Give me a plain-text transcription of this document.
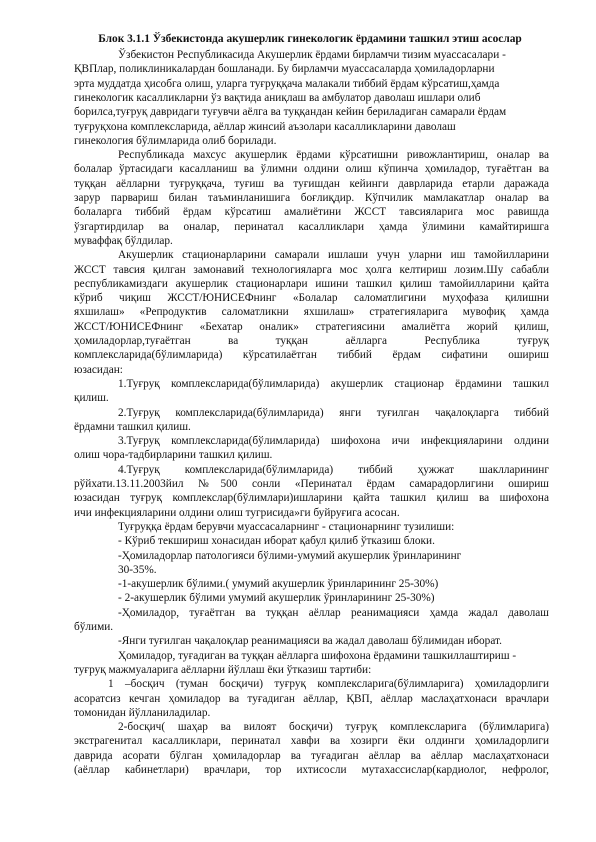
Блок 3.1.1 Ўзбекистонда акушерлик гинекологик ёрдамини ташкил этиш асослар
Ўзбекистон Республикасида Акушерлик ёрдами бирламчи тизим муассасалари -
ҚВПлар, поликлиникалардан бошланади. Бу бирламчи муассасаларда ҳомиладорларни
эрта муддатда ҳисобга олиш, уларга туғруққача малакали тиббий ёрдам кўрсатиш,ҳамда
гинекологик касалликларни ўз вақтида аниқлаш ва амбулатор даволаш ишлари олиб
борилса,туғруқ давридаги туғувчи аёлга ва туққандан кейин бериладиган самарали ёрдам
туғруқхона комплексларида, аёллар жинсий аъзолари касалликларини даволаш
гинекология бўлимларида олиб борилади.
Республикада махсус акушерлик ёрдами кўрсатишни ривожлантириш, оналар ва
болалар ўртасидаги касалланиш ва ўлимни олдини олиш кўпинча ҳомиладор, туғаётган ва
туққан аёлларни туғруққача, туғиш ва туғишдан кейинги даврларида етарли даражада
зарур парвариш билан таъминланишига боғлиқдир. Кўпчилик мамлакатлар оналар ва
болаларга тиббий ёрдам кўрсатиш амалиётини ЖССТ тавсияларига мос равишда
ўзгартирдилар ва оналар, перинатал касалликлари ҳамда ўлимини камайтиришга
муваффақ бўлдилар.
Акушерлик стационарларини самарали ишлаши учун уларни иш тамойилларини
ЖССТ тавсия қилган замонавий технологияларга мос ҳолга келтириш лозим.Шу сабабли
республикамиздаги акушерлик стационарлари ишини ташкил қилиш тамойилларини қайта
кўриб чиқиш ЖССТ/ЮНИСЕФнинг «Болалар саломатлигини муҳофаза қилишни
яхшилаш» «Репродуктив саломатликни яхшилаш» стратегияларига мувофиқ ҳамда
ЖССТ/ЮНИСЕФнинг «Бехатар оналик» стратегиясини амалиётга жорий қилиш,
ҳомиладорлар,туғаётган ва туққан аёлларга Республика туғруқ
комплексларида(бўлимларида) кўрсатилаётган тиббий ёрдам сифатини ошириш
юзасидан:
1.Туғруқ комплексларида(бўлимларида) акушерлик стационар ёрдамини ташкил
қилиш.
2.Туғруқ комплексларида(бўлимларида) янги туғилган чақалоқларга тиббий
ёрдамни ташкил қилиш.
3.Туғруқ комплексларида(бўлимларида) шифохона ичи инфекцияларини олдини
олиш чора-тадбирларини ташкил қилиш.
4.Туғруқ комплексларида(бўлимларида) тиббий ҳужжат шаклларининг
рўйхати.13.11.2003йил №500 сонли «Перинатал ёрдам самарадорлигини ошириш
юзасидан туғруқ комплекслар(бўлимлари)ишларини қайта ташкил қилиш ва шифохона
ичи инфекцияларини олдини олиш тугрисида»ги буйруғига асосан.
Туғруққа ёрдам берувчи муассасаларнинг - стационарнинг тузилиши:
- Кўриб текшириш хонасидан иборат қабул қилиб ўтказиш блоки.
-Ҳомиладорлар патологияси бўлими-умумий акушерлик ўринларининг
30-35%.
-1-акушерлик бўлими.( умумий акушерлик ўринларининг 25-30%)
- 2-акушерлик бўлими умумий акушерлик ўринларининг 25-30%)
-Ҳомиладор, туғаётган ва туққан аёллар реанимацияси ҳамда жадал даволаш
бўлими.
-Янги туғилган чақалоқлар реанимацияси ва жадал даволаш бўлимидан иборат.
Ҳомиладор, туғадиган ва туққан аёлларга шифохона ёрдамини ташкиллаштириш -
туғруқ мажмуаларига аёлларни йўллаш ёки ўтказиш тартиби:
1 –босқич (туман босқичи) туғруқ комплексларига(бўлимларига) ҳомиладорлиги
асоратсиз кечган ҳомиладор ва туғадиган аёллар, ҚВП, аёллар маслаҳатхонаси врачлари
томонидан йўлланиладилар.
2-босқич( шаҳар ва вилоят босқичи) туғруқ комплексларига (бўлимларига)
экстрагенитал касалликлари, перинатал хавфи ва хозирги ёки олдинги ҳомиладорлиги
даврида асорати бўлган ҳомиладорлар ва туғадиган аёллар ва аёллар маслаҳатхонаси
(аёллар кабинетлари) врачлари, тор ихтисосли мутахассислар(кардиолог, нефролог,
